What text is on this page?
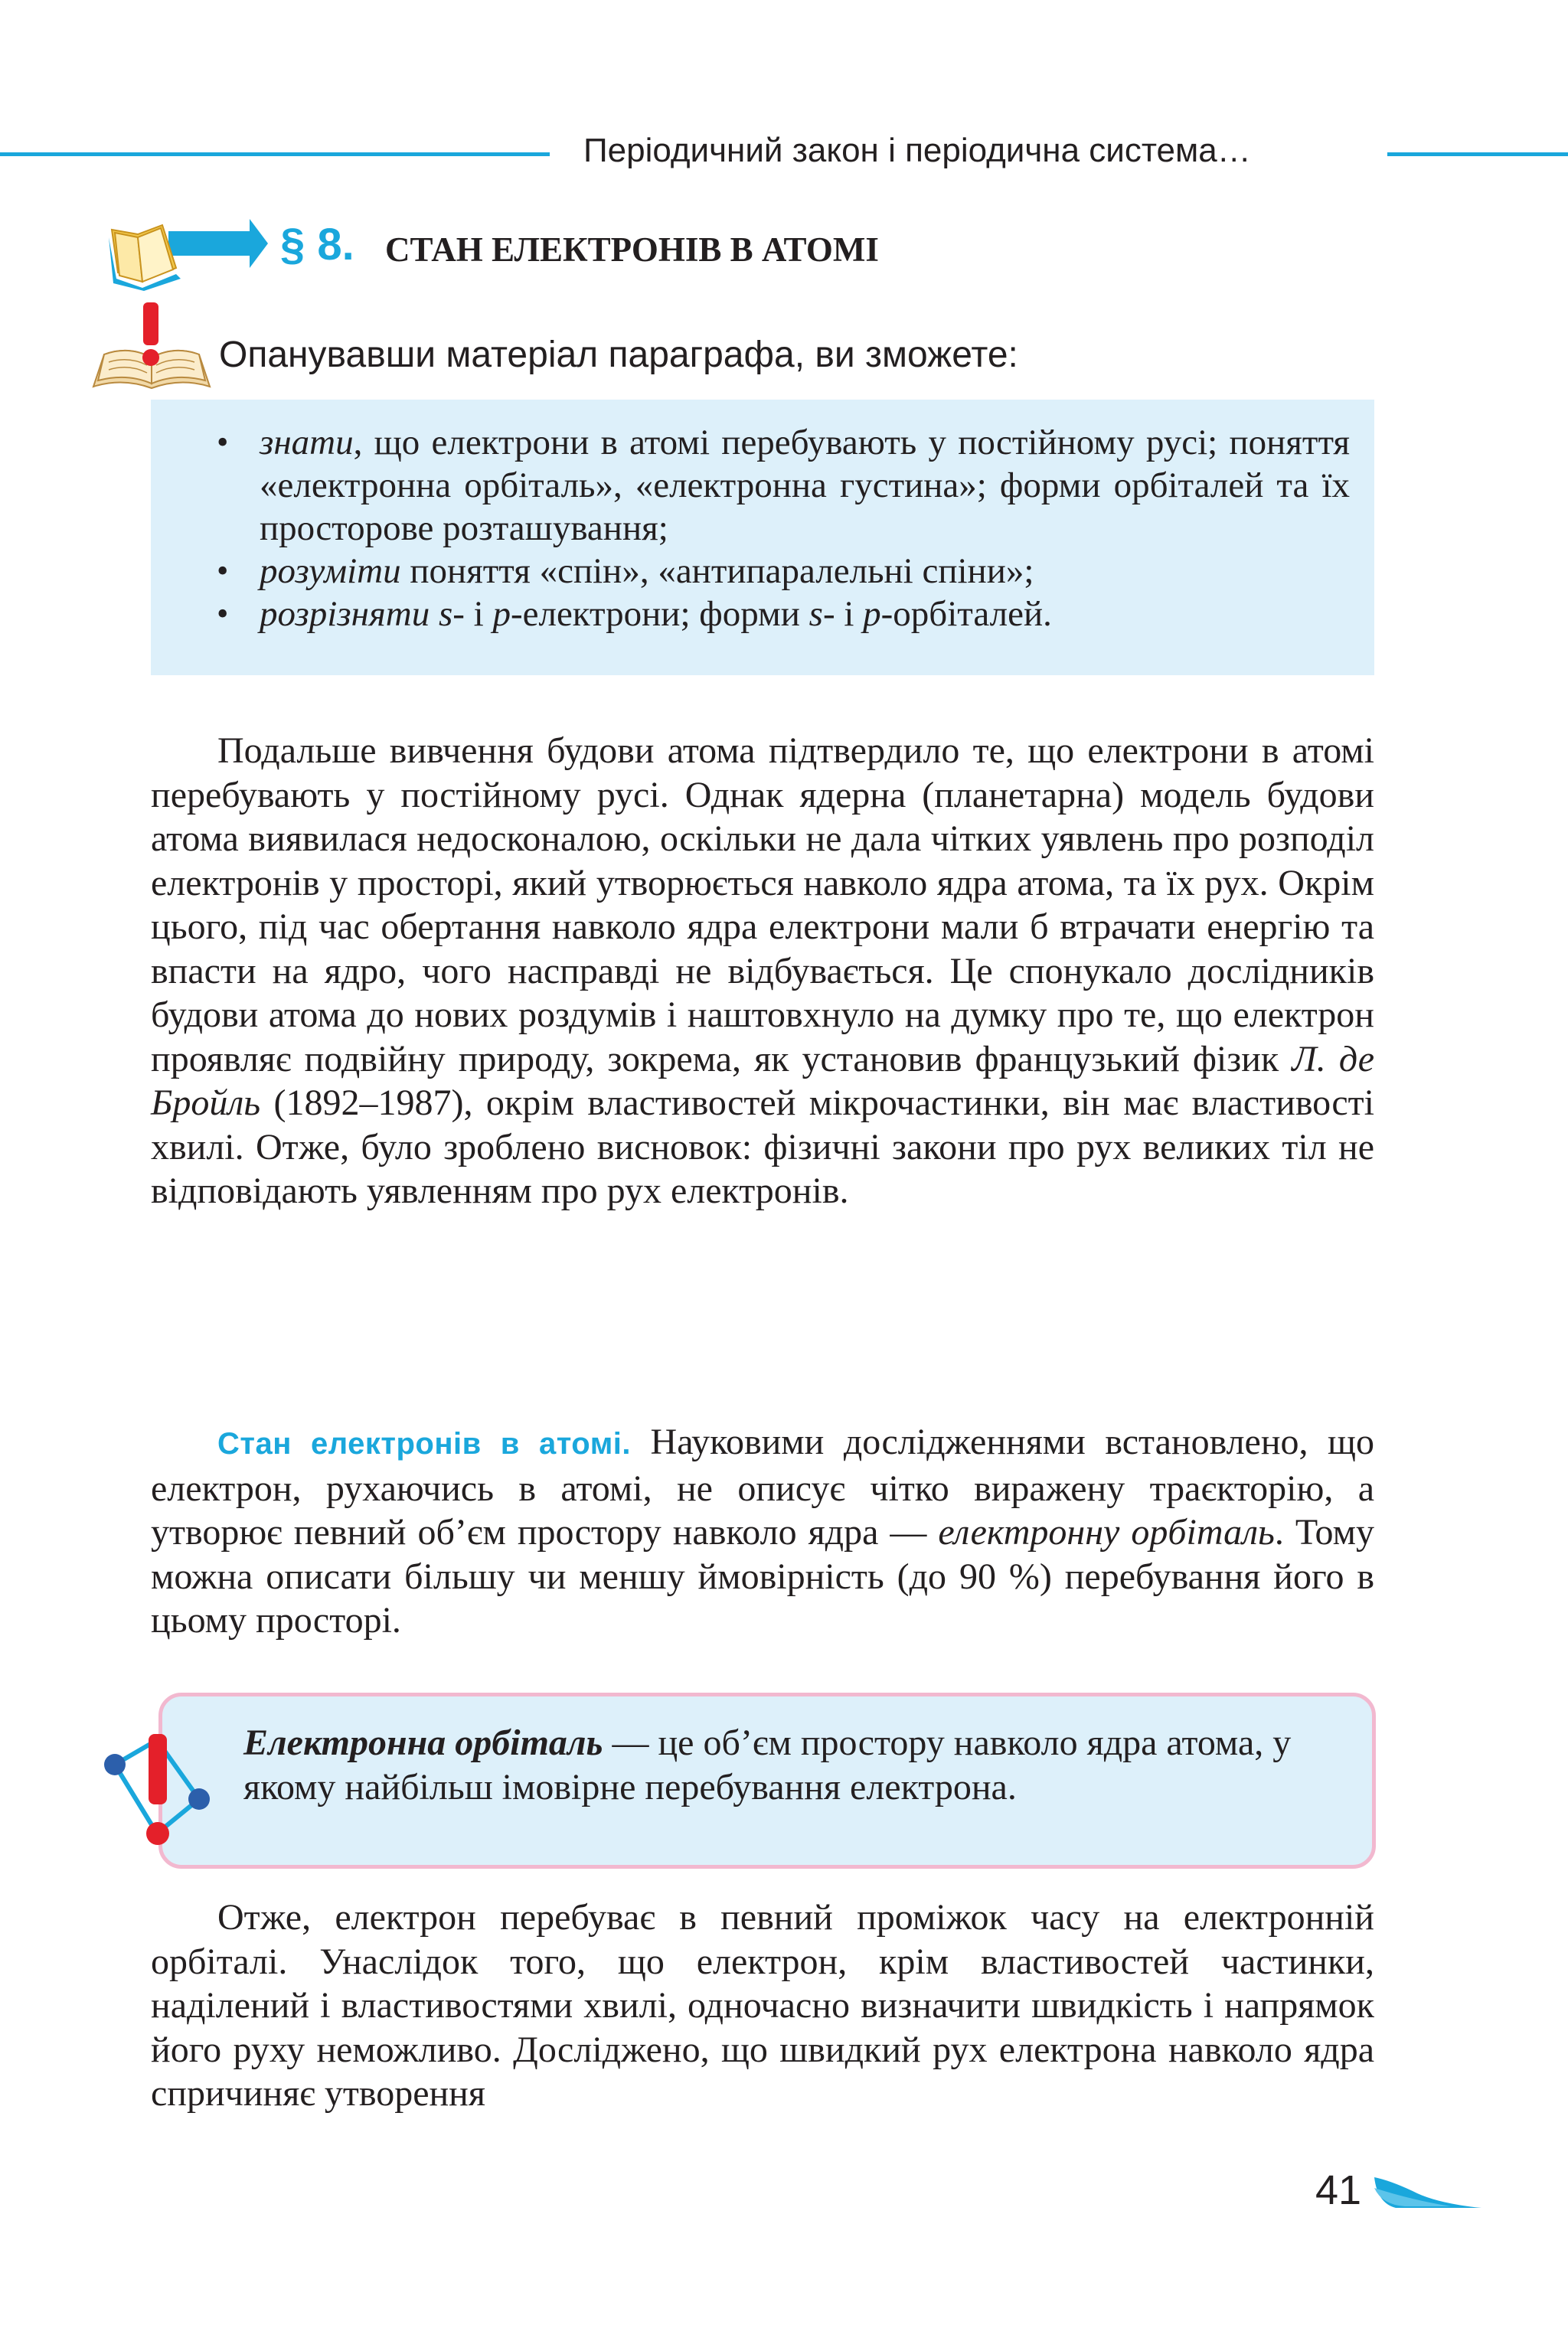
Періодичний закон і періодична система…
§ 8. СТАН ЕЛЕКТРОНІВ В АТОМІ
Опанувавши матеріал параграфа, ви зможете:
• знати, що електрони в атомі перебувають у постійному русі; поняття «електронна орбіталь», «електронна густина»; форми орбіталей та їх просторове розташування;
• розуміти поняття «спін», «антипаралельні спіни»;
• розрізняти s- і p-електрони; форми s- і p-орбіталей.

Подальше вивчення будови атома підтвердило те, що електрони в атомі перебувають у постійному русі. Однак ядерна (планетарна) модель будови атома виявилася недосконалою, оскільки не дала чітких уявлень про розподіл електронів у просторі, який утворюється навколо ядра атома, та їх рух. Окрім цього, під час обертання навколо ядра електрони мали б втрачати енергію та впасти на ядро, чого насправді не відбувається. Це спонукало дослідників будови атома до нових роздумів і наштовхнуло на думку про те, що електрон проявляє подвійну природу, зокрема, як установив французький фізик Л. де Бройль (1892–1987), окрім властивостей мікрочастинки, він має властивості хвилі. Отже, було зроблено висновок: фізичні закони про рух великих тіл не відповідають уявленням про рух електронів.

Стан електронів в атомі. Науковими дослідженнями встановлено, що електрон, рухаючись в атомі, не описує чітко виражену траєкторію, а утворює певний об’єм простору навколо ядра — електронну орбіталь. Тому можна описати більшу чи меншу ймовірність (до 90 %) перебування його в цьому просторі.

Електронна орбіталь — це об’єм простору навколо ядра атома, у якому найбільш імовірне перебування електрона.

Отже, електрон перебуває в певний проміжок часу на електронній орбіталі. Унаслідок того, що електрон, крім властивостей частинки, наділений і властивостями хвилі, одночасно визначити швидкість і напрямок його руху неможливо. Досліджено, що швидкий рух електрона навколо ядра спричиняє утворення

41
